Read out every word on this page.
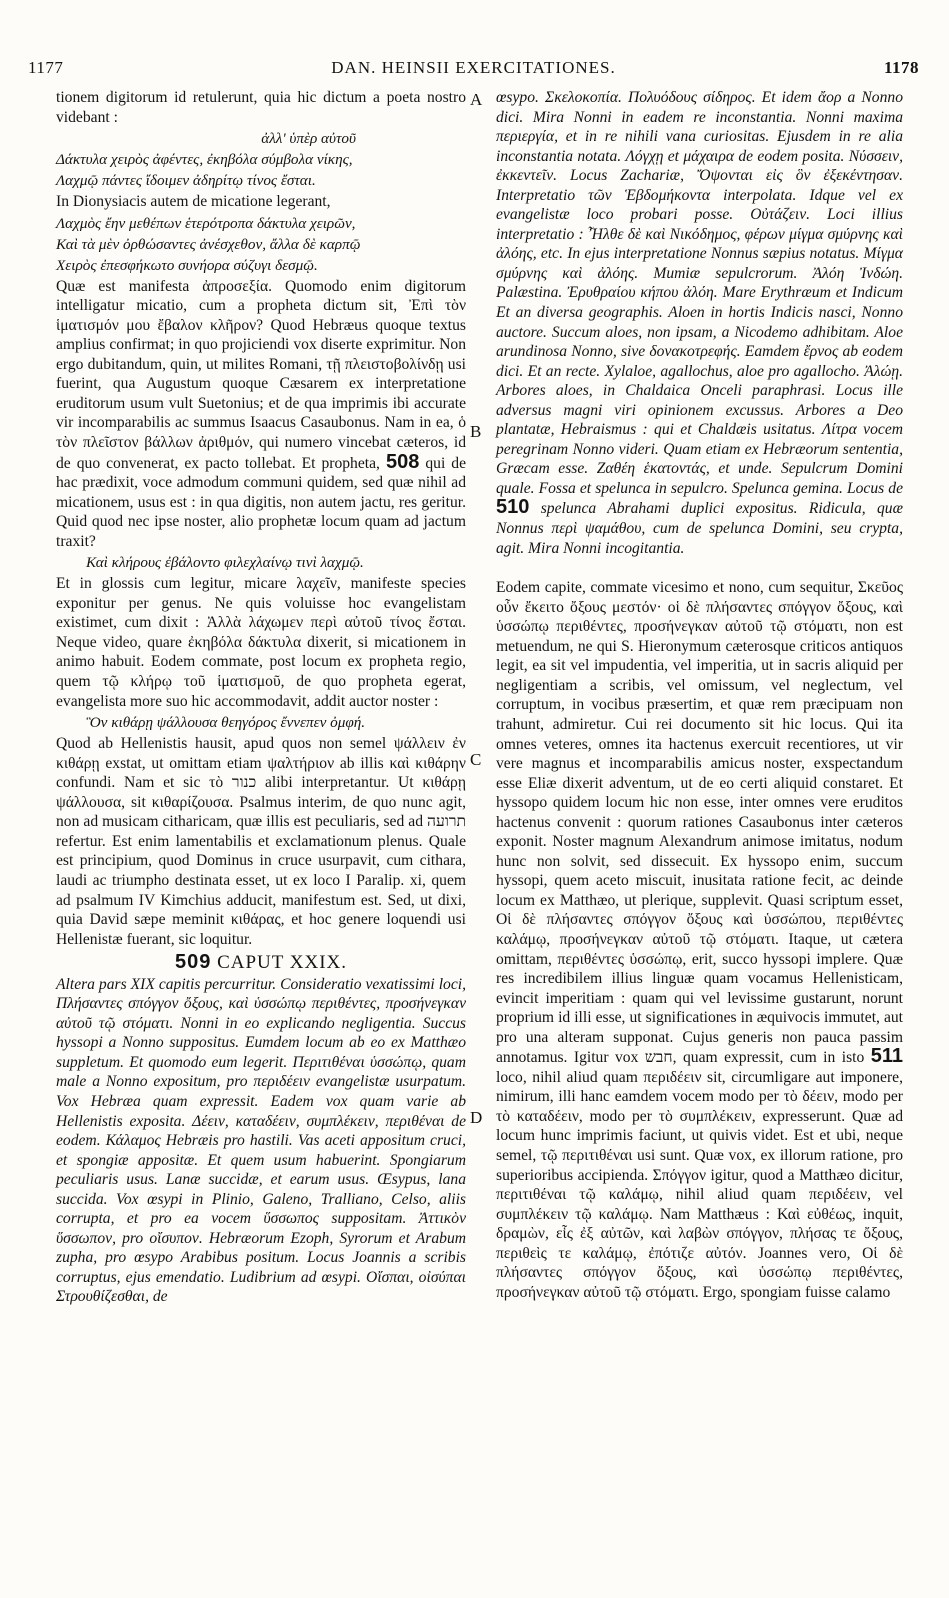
1177	DAN. HEINSII EXERCITATIONES.	1178
A
B
C
D

tionem digitorum id retulerunt, quia hic dictum a poeta nostro videbant :

ἀλλ' ὑπὲρ αὐτοῦ

Δάκτυλα χειρὸς ἀφέντες, ἐκηβόλα σύμβολα νίκης,

Λαχμῷ πάντες ἴδοιμεν ἀδηρίτῳ τίνος ἔσται.

In Dionysiacis autem de micatione legerant,

Λαχμὸς ἔην μεθέπων ἑτερότροπα δάκτυλα χειρῶν,

Καὶ τὰ μὲν ὀρθώσαντες ἀνέσχεθον, ἄλλα δὲ καρπῷ

Χειρὸς ἐπεσφήκωτο συνήορα σύζυγι δεσμῷ.

Quæ est manifesta ἀπροσεξία. Quomodo enim digitorum intelligatur micatio, cum a propheta dictum sit, Ἐπὶ τὸν ἱματισμόν μου ἔβαλον κλῆρον? Quod Hebræus quoque textus amplius confirmat; in quo projiciendi vox diserte exprimitur. Non ergo dubitandum, quin, ut milites Romani, τῇ πλειστοβολίνδῃ usi fuerint, qua Augustum quoque Cæsarem ex interpretatione eruditorum usum vult Suetonius; et de qua imprimis ibi accurate vir incomparabilis ac summus Isaacus Casaubonus. Nam in ea, ὁ τὸν πλεῖστον βάλλων ἀριθμόν, qui numero vincebat cæteros, id de quo convenerat, ex pacto tollebat. Et propheta, 508 qui de hac prædixit, voce admodum communi quidem, sed quæ nihil ad micationem, usus est : in qua digitis, non autem jactu, res geritur. Quid quod nec ipse noster, alio prophetæ locum quam ad jactum traxit?

Καὶ κλήρους ἐβάλοντο φιλεχλαίνῳ τινὶ λαχμῷ.

Et in glossis cum legitur, micare λαχεῖν, manifeste species exponitur per genus. Ne quis voluisse hoc evangelistam existimet, cum dixit : Ἀλλὰ λάχωμεν περὶ αὐτοῦ τίνος ἔσται. Neque video, quare ἐκηβόλα δάκτυλα dixerit, si micationem in animo habuit. Eodem commate, post locum ex propheta regio, quem τῷ κλήρῳ τοῦ ἱματισμοῦ, de quo propheta egerat, evangelista more suo hic accommodavit, addit auctor noster :

Ὃν κιθάρῃ ψάλλουσα θεηγόρος ἔννεπεν ὀμφή.

Quod ab Hellenistis hausit, apud quos non semel ψάλλειν ἐν κιθάρῃ exstat, ut omittam etiam ψαλτήριον ab illis καὶ κιθάρην confundi. Nam et sic τὸ כנור alibi interpretantur. Ut κιθάρῃ ψάλλουσα, sit κιθαρίζουσα. Psalmus interim, de quo nunc agit, non ad musicam citharicam, quæ illis est peculiaris, sed ad תרועה refertur. Est enim lamentabilis et exclamationum plenus. Quale est principium, quod Dominus in cruce usurpavit, cum cithara, laudi ac triumpho destinata esset, ut ex loco I Paralip. xi, quem ad psalmum IV Kimchius adducit, manifestum est. Sed, ut dixi, quia David sæpe meminit κιθάρας, et hoc genere loquendi usi Hellenistæ fuerant, sic loquitur.

509 CAPUT XXIX.

Altera pars XIX capitis percurritur. Consideratio vexatissimi loci, Πλήσαντες σπόγγον ὄξους, καὶ ὑσσώπῳ περιθέντες, προσήνεγκαν αὐτοῦ τῷ στόματι. Nonni in eo explicando negligentia. Succus hyssopi a Nonno suppositus. Eumdem locum ab eo ex Matthæo suppletum. Et quomodo eum legerit. Περιτιθέναι ὑσσώπῳ, quam male a Nonno expositum, pro περιδέειν evangelistæ usurpatum. Vox Hebræa quam expressit. Eadem vox quam varie ab Hellenistis exposita. Δέειν, καταδέειν, συμπλέκειν, περιθέναι de eodem. Κάλαμος Hebræis pro hastili. Vas aceti appositum cruci, et spongiæ appositæ. Et quem usum habuerint. Spongiarum peculiaris usus. Lanæ succidæ, et earum usus. Œsypus, lana succida. Vox œsypi in Plinio, Galeno, Tralliano, Celso, aliis corrupta, et pro ea vocem ὕσσωπος suppositam. Ἀττικὸν ὕσσωπον, pro οἴσυπον. Hebræorum Ezoph, Syrorum et Arabum zupha, pro œsypo Arabibus positum. Locus Joannis a scribis corruptus, ejus emendatio. Ludibrium ad œsypi. Οἴσπαι, οἰσύπαι Στρουθίζεσθαι, de

œsypo. Σκελοκοπία. Πολυόδους σίδηρος. Et idem ἄορ a Nonno dici. Mira Nonni in eadem re inconstantia. Nonni maxima περιεργία, et in re nihili vana curiositas. Ejusdem in re alia inconstantia notata. Λόγχῃ et μάχαιρα de eodem posita. Νύσσειν, ἐκκεντεῖν. Locus Zachariæ, Ὄψονται εἰς ὃν ἐξεκέντησαν. Interpretatio τῶν Ἑβδομήκοντα interpolata. Idque vel ex evangelistæ loco probari posse. Οὐτάζειν. Loci illius interpretatio : Ἦλθε δὲ καὶ Νικόδημος, φέρων μίγμα σμύρνης καὶ ἀλόης, etc. In ejus interpretatione Nonnus sæpius notatus. Μίγμα σμύρνης καὶ ἀλόης. Mumiæ sepulcrorum. Ἀλόη Ἰνδώη. Palæstina. Ἐρυθραίου κήπου ἀλόη. Mare Erythræum et Indicum Et an diversa geographis. Aloen in hortis Indicis nasci, Nonno auctore. Succum aloes, non ipsam, a Nicodemo adhibitam. Aloe arundinosa Nonno, sive δονακοτρεφής. Eamdem ἔρνος ab eodem dici. Et an recte. Xylaloe, agallochus, aloe pro agallocho. Ἀλώῃ. Arbores aloes, in Chaldaica Onceli paraphrasi. Locus ille adversus magni viri opinionem excussus. Arbores a Deo plantatæ, Hebraismus : qui et Chaldæis usitatus. Λίτρα vocem peregrinam Nonno videri. Quam etiam ex Hebræorum sententia, Græcam esse. Ζαθέη ἑκατοντάς, et unde. Sepulcrum Domini quale. Fossa et spelunca in sepulcro. Spelunca gemina. Locus de 510 spelunca Abrahami duplici expositus. Ridicula, quæ Nonnus περὶ ψαμάθου, cum de spelunca Domini, seu crypta, agit. Mira Nonni incogitantia.

Eodem capite, commate vicesimo et nono, cum sequitur, Σκεῦος οὖν ἔκειτο ὄξους μεστόν· οἱ δὲ πλήσαντες σπόγγον ὄξους, καὶ ὑσσώπῳ περιθέντες, προσήνεγκαν αὐτοῦ τῷ στόματι, non est metuendum, ne qui S. Hieronymum cæterosque criticos antiquos legit, ea sit vel impudentia, vel imperitia, ut in sacris aliquid per negligentiam a scribis, vel omissum, vel neglectum, vel corruptum, in vocibus præsertim, et quæ rem præcipuam non trahunt, admiretur. Cui rei documento sit hic locus. Qui ita omnes veteres, omnes ita hactenus exercuit recentiores, ut vir vere magnus et incomparabilis amicus noster, exspectandum esse Eliæ dixerit adventum, ut de eo certi aliquid constaret. Et hyssopo quidem locum hic non esse, inter omnes vere eruditos hactenus convenit : quorum rationes Casaubonus inter cæteros exponit. Noster magnum Alexandrum animose imitatus, nodum hunc non solvit, sed dissecuit. Ex hyssopo enim, succum hyssopi, quem aceto miscuit, inusitata ratione fecit, ac deinde locum ex Matthæo, ut plerique, supplevit. Quasi scriptum esset, Οἱ δὲ πλήσαντες σπόγγον ὄξους καὶ ὑσσώπου, περιθέντες καλάμῳ, προσήνεγκαν αὐτοῦ τῷ στόματι. Itaque, ut cætera omittam, περιθέντες ὑσσώπῳ, erit, succo hyssopi implere. Quæ res incredibilem illius linguæ quam vocamus Hellenisticam, evincit imperitiam : quam qui vel levissime gustarunt, norunt proprium id illi esse, ut significationes in æquivocis immutet, aut pro una alteram supponat. Cujus generis non pauca passim annotamus. Igitur vox חבש, quam expressit, cum in isto 511 loco, nihil aliud quam περιδέειν sit, circumligare aut imponere, nimirum, illi hanc eamdem vocem modo per τὸ δέειν, modo per τὸ καταδέειν, modo per τὸ συμπλέκειν, expresserunt. Quæ ad locum hunc imprimis faciunt, ut quivis videt. Est et ubi, neque semel, τῷ περιτιθέναι usi sunt. Quæ vox, ex illorum ratione, pro superioribus accipienda. Σπόγγον igitur, quod a Matthæo dicitur, περιτιθέναι τῷ καλάμῳ, nihil aliud quam περιδέειν, vel συμπλέκειν τῷ καλάμῳ. Nam Matthæus : Καὶ εὐθέως, inquit, δραμὼν, εἷς ἐξ αὐτῶν, καὶ λαβὼν σπόγγον, πλήσας τε ὄξους, περιθεὶς τε καλάμῳ, ἐπότιζε αὐτόν. Joannes vero, Οἱ δὲ πλήσαντες σπόγγον ὄξους, καὶ ὑσσώπῳ περιθέντες, προσήνεγκαν αὐτοῦ τῷ στόματι. Ergo, spongiam fuisse calamo
